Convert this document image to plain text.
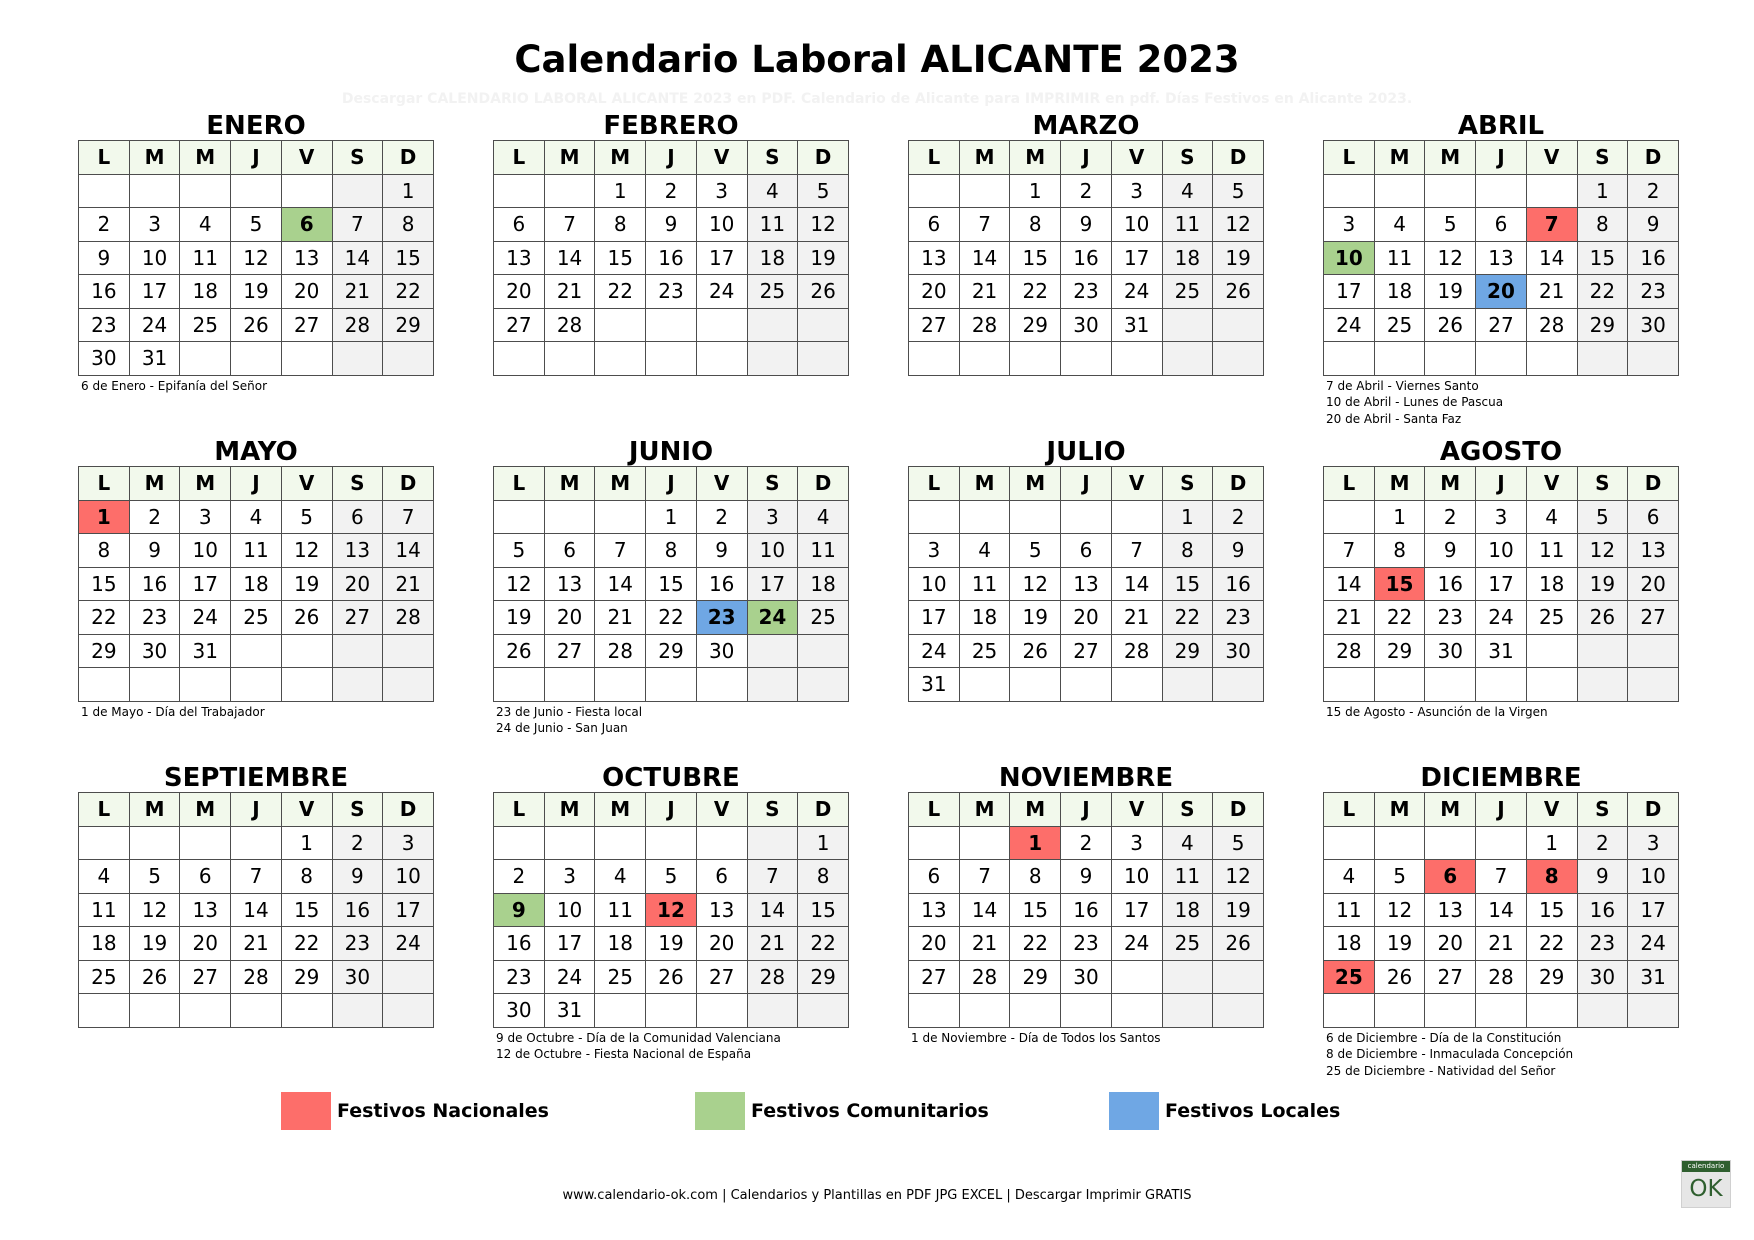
Calendario Laboral ALICANTE 2023
Descargar CALENDARIO LABORAL ALICANTE 2023 en PDF. Calendario de Alicante para IMPRIMIR en pdf. Días Festivos en Alicante 2023.
ENERO
L	M	M	J	V	S	D
						1
2	3	4	5	6	7	8
9	10	11	12	13	14	15
16	17	18	19	20	21	22
23	24	25	26	27	28	29
30	31					
6 de Enero - Epifanía del Señor
FEBRERO
L	M	M	J	V	S	D
		1	2	3	4	5
6	7	8	9	10	11	12
13	14	15	16	17	18	19
20	21	22	23	24	25	26
27	28					

MARZO
L	M	M	J	V	S	D
		1	2	3	4	5
6	7	8	9	10	11	12
13	14	15	16	17	18	19
20	21	22	23	24	25	26
27	28	29	30	31		

ABRIL
L	M	M	J	V	S	D
					1	2
3	4	5	6	7	8	9
10	11	12	13	14	15	16
17	18	19	20	21	22	23
24	25	26	27	28	29	30

7 de Abril - Viernes Santo
10 de Abril - Lunes de Pascua
20 de Abril - Santa Faz
MAYO
L	M	M	J	V	S	D
1	2	3	4	5	6	7
8	9	10	11	12	13	14
15	16	17	18	19	20	21
22	23	24	25	26	27	28
29	30	31				

1 de Mayo - Día del Trabajador
JUNIO
L	M	M	J	V	S	D
			1	2	3	4
5	6	7	8	9	10	11
12	13	14	15	16	17	18
19	20	21	22	23	24	25
26	27	28	29	30		

23 de Junio - Fiesta local
24 de Junio - San Juan
JULIO
L	M	M	J	V	S	D
					1	2
3	4	5	6	7	8	9
10	11	12	13	14	15	16
17	18	19	20	21	22	23
24	25	26	27	28	29	30
31						
AGOSTO
L	M	M	J	V	S	D
	1	2	3	4	5	6
7	8	9	10	11	12	13
14	15	16	17	18	19	20
21	22	23	24	25	26	27
28	29	30	31			

15 de Agosto - Asunción de la Virgen
SEPTIEMBRE
L	M	M	J	V	S	D
				1	2	3
4	5	6	7	8	9	10
11	12	13	14	15	16	17
18	19	20	21	22	23	24
25	26	27	28	29	30	

OCTUBRE
L	M	M	J	V	S	D
						1
2	3	4	5	6	7	8
9	10	11	12	13	14	15
16	17	18	19	20	21	22
23	24	25	26	27	28	29
30	31					
9 de Octubre - Día de la Comunidad Valenciana
12 de Octubre - Fiesta Nacional de España
NOVIEMBRE
L	M	M	J	V	S	D
		1	2	3	4	5
6	7	8	9	10	11	12
13	14	15	16	17	18	19
20	21	22	23	24	25	26
27	28	29	30			

1 de Noviembre - Día de Todos los Santos
DICIEMBRE
L	M	M	J	V	S	D
				1	2	3
4	5	6	7	8	9	10
11	12	13	14	15	16	17
18	19	20	21	22	23	24
25	26	27	28	29	30	31

6 de Diciembre - Día de la Constitución
8 de Diciembre - Inmaculada Concepción
25 de Diciembre - Natividad del Señor
Festivos Nacionales	Festivos Comunitarios	Festivos Locales
www.calendario-ok.com | Calendarios y Plantillas en PDF JPG EXCEL | Descargar Imprimir GRATIS
calendario
OK
